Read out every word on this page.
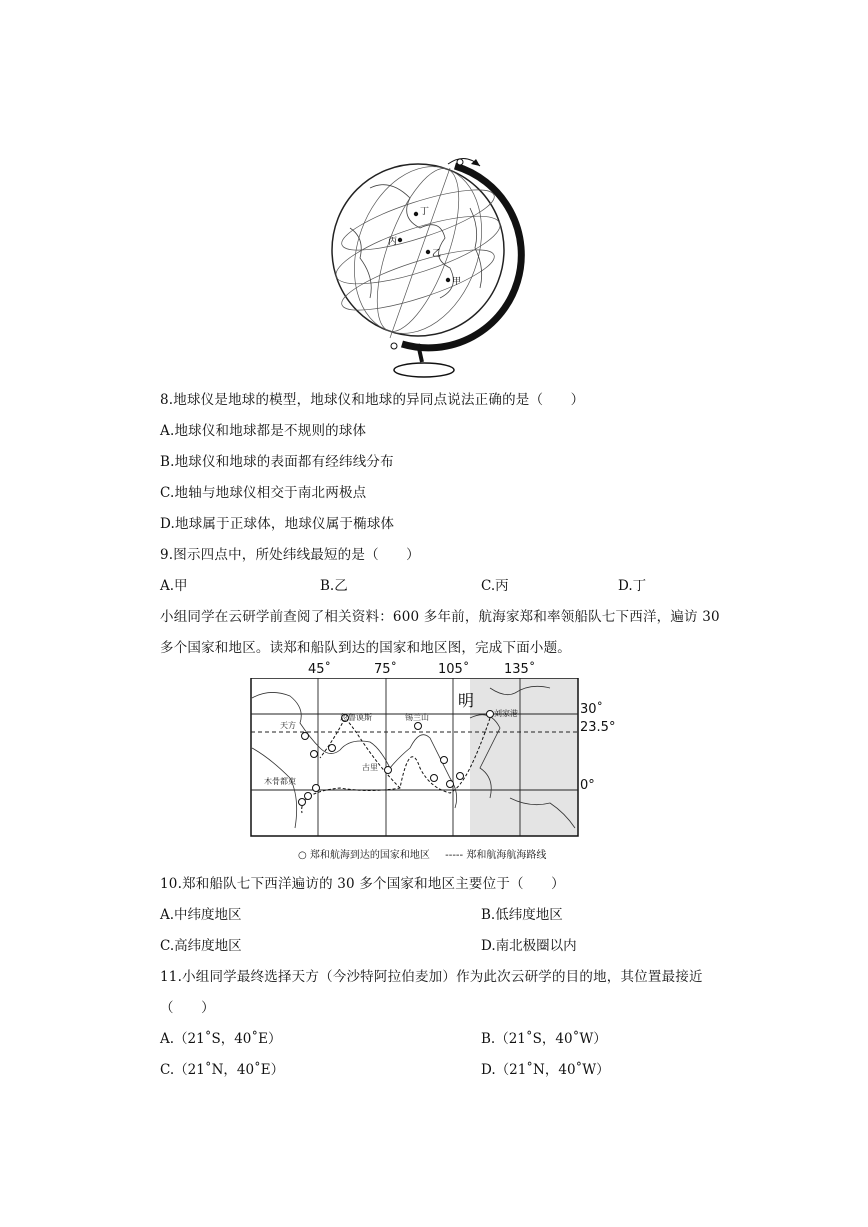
丁
丙
乙
甲
8.地球仪是地球的模型，地球仪和地球的异同点说法正确的是（　　）
A.地球仪和地球都是不规则的球体
B.地球仪和地球的表面都有经纬线分布
C.地轴与地球仪相交于南北两极点
D.地球属于正球体，地球仪属于椭球体
9.图示四点中，所处纬线最短的是（　　）
A.甲	B.乙	C.丙	D.丁
小组同学在云研学前查阅了相关资料：600 多年前，航海家郑和率领船队七下西洋，遍访 30
多个国家和地区。读郑和船队到达的国家和地区图，完成下面小题。
45˚	75˚	105˚	135˚
30˚
23.5°
0°
天方
忽鲁谟斯	锡兰山
古里
刘家港
木骨都束
明
○ 郑和航海到达的国家和地区 ----- 郑和航海航海路线
10.郑和船队七下西洋遍访的 30 多个国家和地区主要位于（　　）
A.中纬度地区	B.低纬度地区
C.高纬度地区	D.南北极圈以内
11.小组同学最终选择天方（今沙特阿拉伯麦加）作为此次云研学的目的地，其位置最接近
（　　）
A.（21˚S，40˚E）	B.（21˚S，40˚W）
C.（21˚N，40˚E）	D.（21˚N，40˚W）
